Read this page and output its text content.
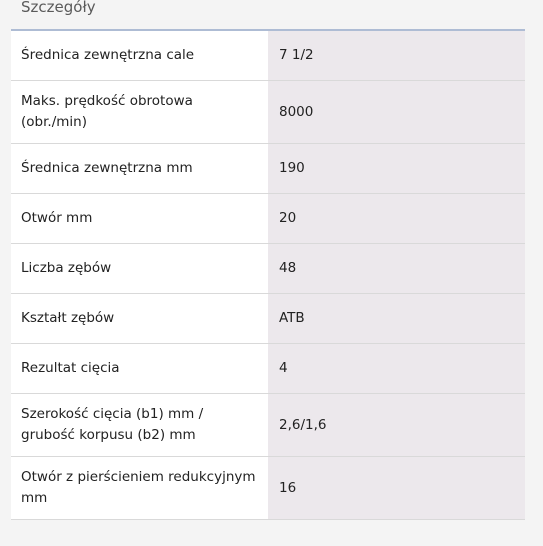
Szczegóły
Średnica zewnętrzna cale	7 1/2
Maks. prędkość obrotowa (obr./min)	8000
Średnica zewnętrzna mm	190
Otwór mm	20
Liczba zębów	48
Kształt zębów	ATB
Rezultat cięcia	4
Szerokość cięcia (b1) mm / grubość korpusu (b2) mm	2,6/1,6
Otwór z pierścieniem redukcyjnym mm	16
